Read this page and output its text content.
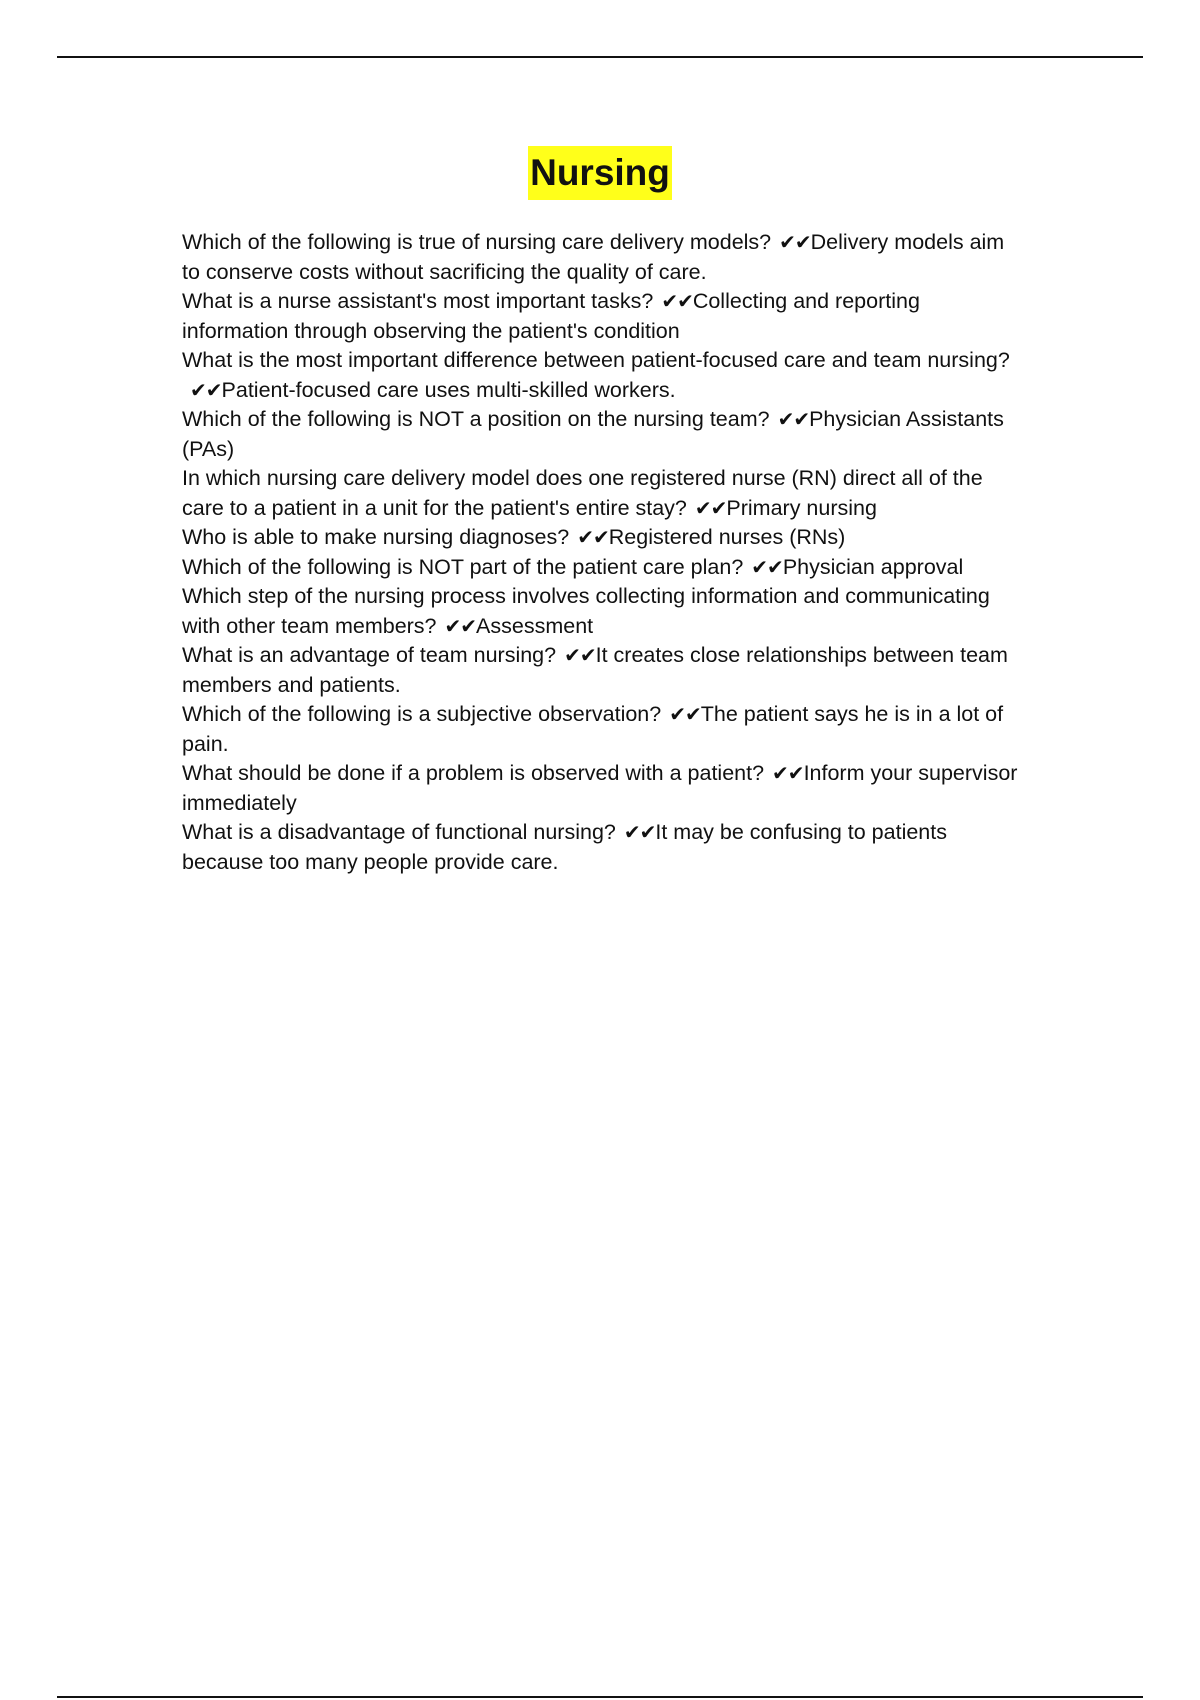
Nursing
Which of the following is true of nursing care delivery models? ✔✔Delivery models aim to conserve costs without sacrificing the quality of care.
What is a nurse assistant's most important tasks? ✔✔Collecting and reporting information through observing the patient's condition
What is the most important difference between patient-focused care and team nursing?✔✔Patient-focused care uses multi-skilled workers.
Which of the following is NOT a position on the nursing team? ✔✔Physician Assistants (PAs)
In which nursing care delivery model does one registered nurse (RN) direct all of the care to a patient in a unit for the patient's entire stay? ✔✔Primary nursing
Who is able to make nursing diagnoses? ✔✔Registered nurses (RNs)
Which of the following is NOT part of the patient care plan? ✔✔Physician approval
Which step of the nursing process involves collecting information and communicating with other team members? ✔✔Assessment
What is an advantage of team nursing? ✔✔It creates close relationships between team members and patients.
Which of the following is a subjective observation? ✔✔The patient says he is in a lot of pain.
What should be done if a problem is observed with a patient? ✔✔Inform your supervisor immediately
What is a disadvantage of functional nursing? ✔✔It may be confusing to patients because too many people provide care.
